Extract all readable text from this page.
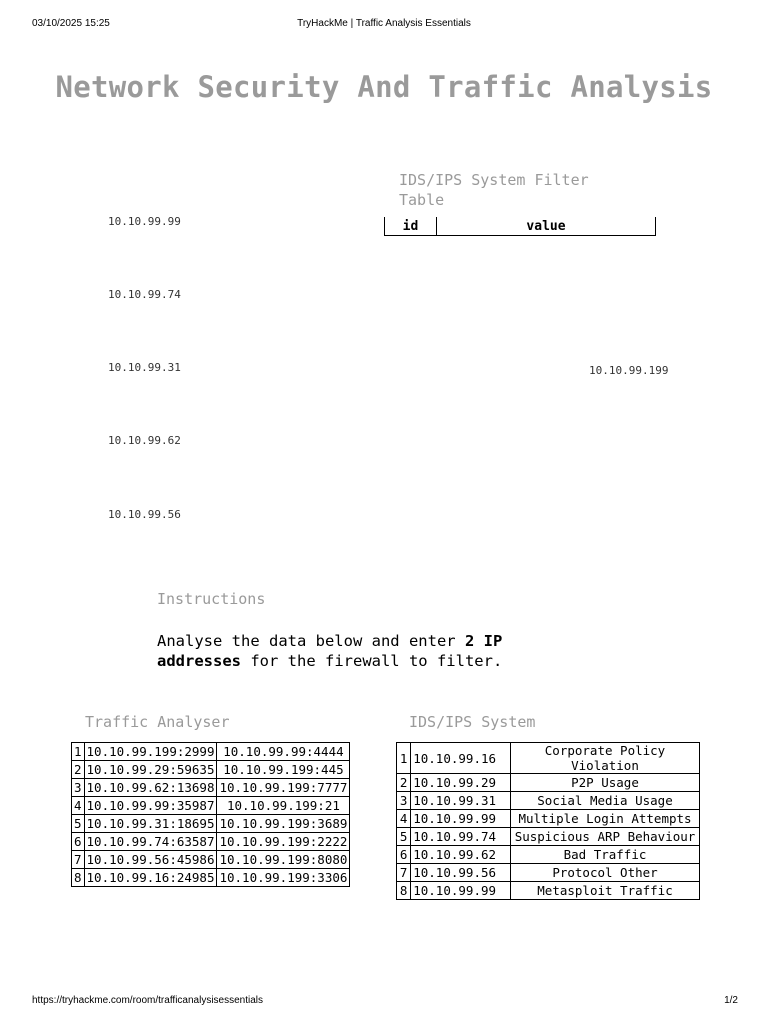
03/10/2025 15:25	TryHackMe | Traffic Analysis Essentials
Network Security And Traffic Analysis
10.10.99.99
10.10.99.74
10.10.99.31
10.10.99.62
10.10.99.56
10.10.99.199
IDS/IPS System Filter Table
id	value
Instructions
Analyse the data below and enter 2 IP addresses for the firewall to filter.
Traffic Analyser
1	10.10.99.199:2999	10.10.99.99:4444
2	10.10.99.29:59635	10.10.99.199:445
3	10.10.99.62:13698	10.10.99.199:7777
4	10.10.99.99:35987	10.10.99.199:21
5	10.10.99.31:18695	10.10.99.199:3689
6	10.10.99.74:63587	10.10.99.199:2222
7	10.10.99.56:45986	10.10.99.199:8080
8	10.10.99.16:24985	10.10.99.199:3306
IDS/IPS System
1	10.10.99.16	Corporate Policy Violation
2	10.10.99.29	P2P Usage
3	10.10.99.31	Social Media Usage
4	10.10.99.99	Multiple Login Attempts
5	10.10.99.74	Suspicious ARP Behaviour
6	10.10.99.62	Bad Traffic
7	10.10.99.56	Protocol Other
8	10.10.99.99	Metasploit Traffic
https://tryhackme.com/room/trafficanalysisessentials	1/2
